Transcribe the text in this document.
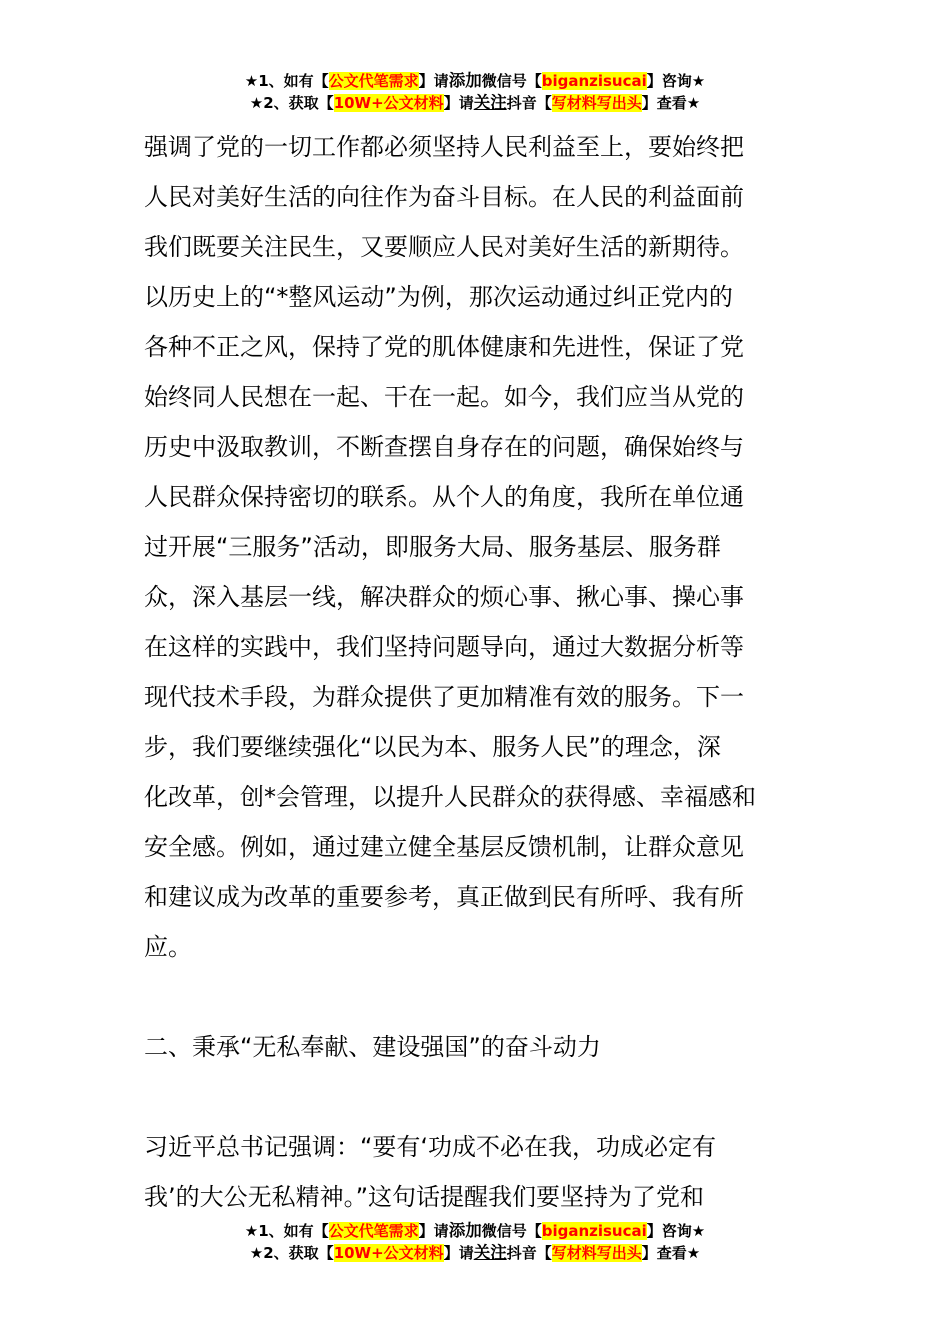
★1、如有【公文代笔需求】请添加微信号【biganzisucai】咨询★
★2、获取【10W+公文材料】请关注抖音【写材料写出头】查看★
强调了党的一切工作都必须坚持人民利益至上，要始终把
人民对美好生活的向往作为奋斗目标。在人民的利益面前
我们既要关注民生，又要顺应人民对美好生活的新期待。
以历史上的“*整风运动”为例，那次运动通过纠正党内的
各种不正之风，保持了党的肌体健康和先进性，保证了党
始终同人民想在一起、干在一起。如今，我们应当从党的
历史中汲取教训，不断查摆自身存在的问题，确保始终与
人民群众保持密切的联系。从个人的角度，我所在单位通
过开展“三服务”活动，即服务大局、服务基层、服务群
众，深入基层一线，解决群众的烦心事、揪心事、操心事
在这样的实践中，我们坚持问题导向，通过大数据分析等
现代技术手段，为群众提供了更加精准有效的服务。下一
步，我们要继续强化“以民为本、服务人民”的理念，深
化改革，创*会管理，以提升人民群众的获得感、幸福感和
安全感。例如，通过建立健全基层反馈机制，让群众意见
和建议成为改革的重要参考，真正做到民有所呼、我有所
应。
二、秉承“无私奉献、建设强国”的奋斗动力
习近平总书记强调：“要有‘功成不必在我，功成必定有
我’的大公无私精神。”这句话提醒我们要坚持为了党和
★1、如有【公文代笔需求】请添加微信号【biganzisucai】咨询★
★2、获取【10W+公文材料】请关注抖音【写材料写出头】查看★
